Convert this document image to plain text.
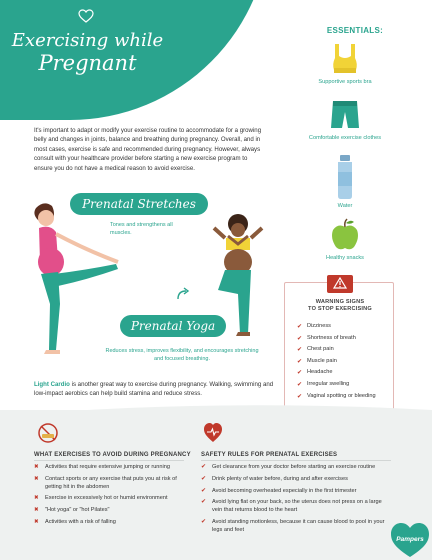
Exercising while
Pregnant

It's important to adapt or modify your exercise routine to accommodate for a growing belly and changes in joints, balance and breathing during pregnancy. Overall, and in most cases, exercise is safe and recommended during pregnancy. However, always consult with your healthcare provider before starting a new exercise program to ensure you do not have a medical reason to avoid exercise.

ESSENTIALS:
Supportive sports bra
Comfortable exercise clothes
Water
Healthy snacks
Prenatal Stretches
Tones and strengthens all muscles.
Prenatal Yoga
Reduces stress, improves flexibility, and encourages stretching and focused breathing.

Light Cardio is another great way to exercise during pregnancy. Walking, swimming and low-impact aerobics can help build stamina and reduce stress.

WARNING SIGNS
TO STOP EXERCISING
✔ Dizziness
✔ Shortness of breath
✔ Chest pain
✔ Muscle pain
✔ Headache
✔ Irregular swelling
✔ Vaginal spotting or bleeding
WHAT EXERCISES TO AVOID DURING PREGNANCY
✖ Activities that require extensive jumping or running
✖ Contact sports or any exercise that puts you at risk of getting hit in the abdomen
✖ Exercise in excessively hot or humid environment
✖ "Hot yoga" or "hot Pilates"
✖ Activities with a risk of falling
SAFETY RULES FOR PRENATAL EXERCISES
✔ Get clearance from your doctor before starting an exercise routine
✔ Drink plenty of water before, during and after exercises
✔ Avoid becoming overheated especially in the first trimester
✔ Avoid lying flat on your back, so the uterus does not press on a large vein that returns blood to the heart
✔ Avoid standing motionless, because it can cause blood to pool in your legs and feet
Pampers
